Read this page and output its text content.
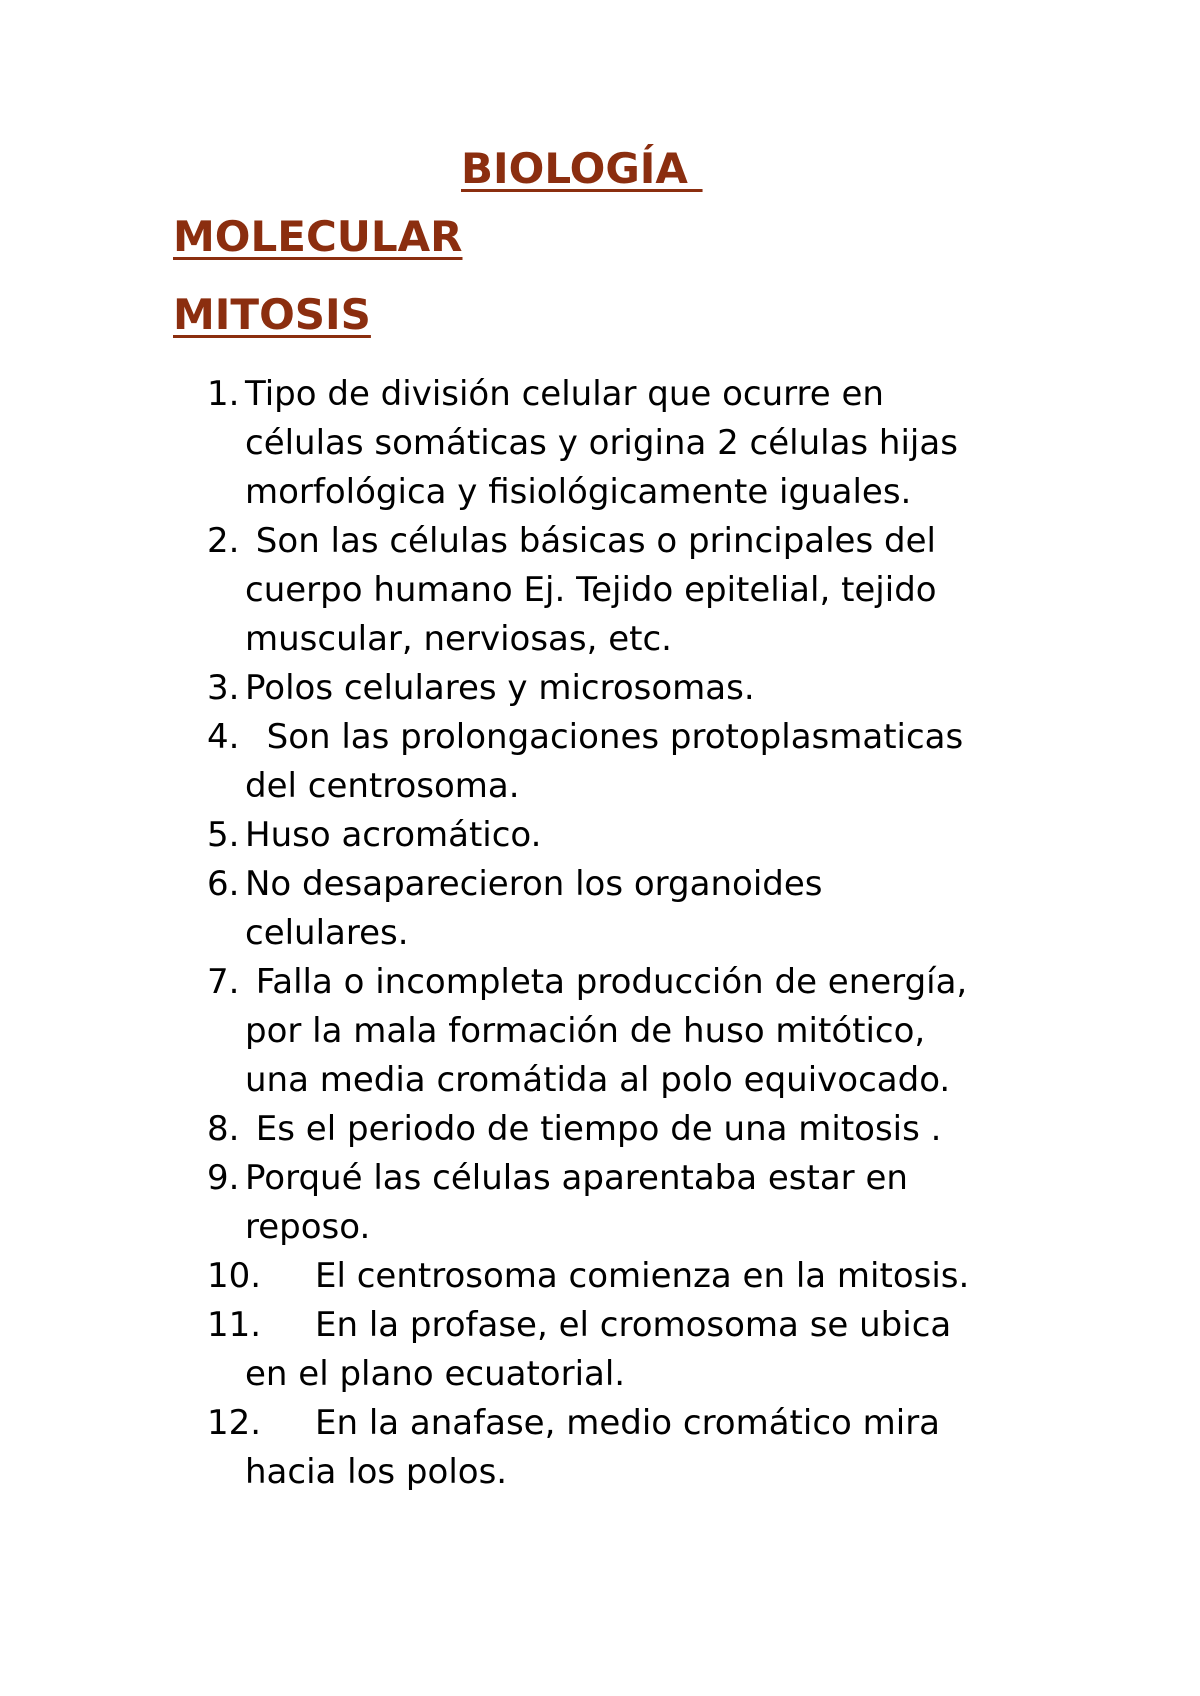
BIOLOGÍA
MOLECULAR
MITOSIS
1. Tipo de división celular que ocurre en
células somáticas y origina 2 células hijas
morfológica y fisiológicamente iguales.
2. Son las células básicas o principales del
cuerpo humano Ej. Tejido epitelial, tejido
muscular, nerviosas, etc.
3. Polos celulares y microsomas.
4. Son las prolongaciones protoplasmaticas
del centrosoma.
5. Huso acromático.
6. No desaparecieron los organoides
celulares.
7. Falla o incompleta producción de energía,
por la mala formación de huso mitótico,
una media cromátida al polo equivocado.
8. Es el periodo de tiempo de una mitosis .
9. Porqué las células aparentaba estar en
reposo.
10. El centrosoma comienza en la mitosis.
11. En la profase, el cromosoma se ubica
en el plano ecuatorial.
12. En la anafase, medio cromático mira
hacia los polos.
